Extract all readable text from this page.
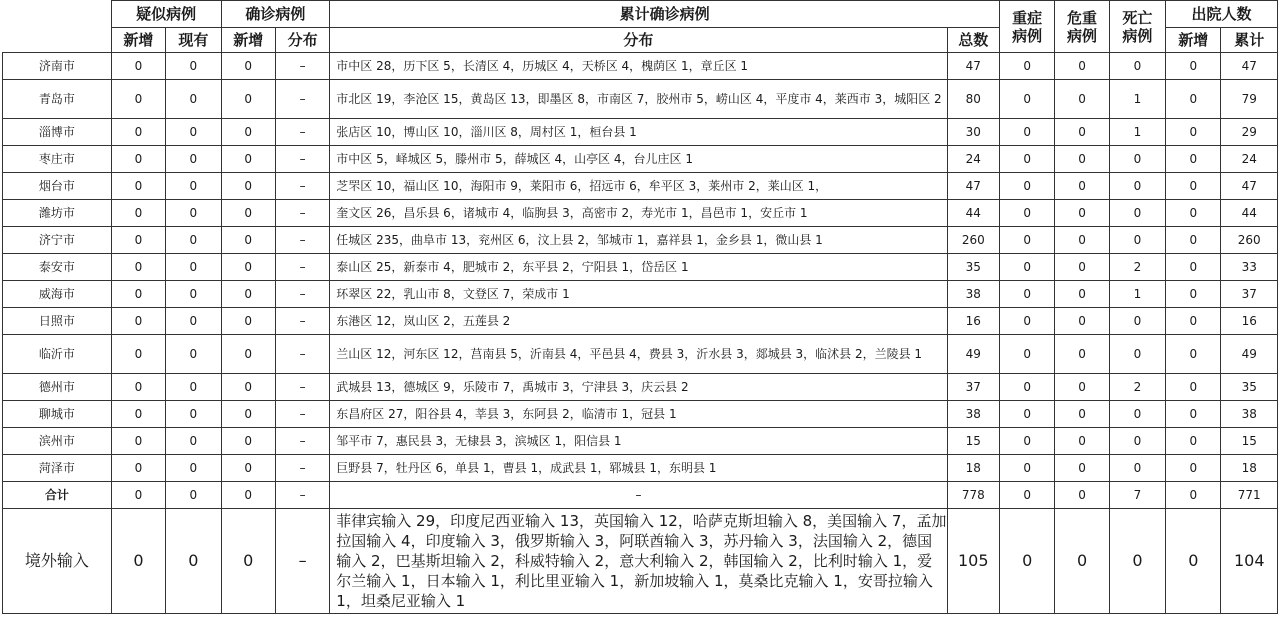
	疑似病例		确诊病例		累计确诊病例		重症病例	危重病例	死亡病例	出院人数	
	新增	现有	新增	分布	分布	总数				新增	累计
济南市	0	0	0	–	市中区 28，历下区 5，长清区 4，历城区 4，天桥区 4，槐荫区 1，章丘区 1	47	0	0	0	0	47
青岛市	0	0	0	–	市北区 19，李沧区 15，黄岛区 13，即墨区 8，市南区 7，胶州市 5，崂山区 4，平度市 4，莱西市 3，城阳区 2	80	0	0	1	0	79
淄博市	0	0	0	–	张店区 10，博山区 10，淄川区 8，周村区 1，桓台县 1	30	0	0	1	0	29
枣庄市	0	0	0	–	市中区 5，峄城区 5，滕州市 5，薛城区 4，山亭区 4，台儿庄区 1	24	0	0	0	0	24
烟台市	0	0	0	–	芝罘区 10，福山区 10，海阳市 9，莱阳市 6，招远市 6，牟平区 3，莱州市 2，莱山区 1，	47	0	0	0	0	47
潍坊市	0	0	0	–	奎文区 26，昌乐县 6，诸城市 4，临朐县 3，高密市 2，寿光市 1，昌邑市 1，安丘市 1	44	0	0	0	0	44
济宁市	0	0	0	–	任城区 235，曲阜市 13，兖州区 6，汶上县 2，邹城市 1，嘉祥县 1，金乡县 1，微山县 1	260	0	0	0	0	260
泰安市	0	0	0	–	泰山区 25，新泰市 4，肥城市 2，东平县 2，宁阳县 1，岱岳区 1	35	0	0	2	0	33
威海市	0	0	0	–	环翠区 22，乳山市 8，文登区 7，荣成市 1	38	0	0	1	0	37
日照市	0	0	0	–	东港区 12，岚山区 2，五莲县 2	16	0	0	0	0	16
临沂市	0	0	0	–	兰山区 12，河东区 12，莒南县 5，沂南县 4，平邑县 4，费县 3，沂水县 3，郯城县 3，临沭县 2，兰陵县 1	49	0	0	0	0	49
德州市	0	0	0	–	武城县 13，德城区 9，乐陵市 7，禹城市 3，宁津县 3，庆云县 2	37	0	0	2	0	35
聊城市	0	0	0	–	东昌府区 27，阳谷县 4，莘县 3，东阿县 2，临清市 1，冠县 1	38	0	0	0	0	38
滨州市	0	0	0	–	邹平市 7，惠民县 3，无棣县 3，滨城区 1，阳信县 1	15	0	0	0	0	15
菏泽市	0	0	0	–	巨野县 7，牡丹区 6，单县 1，曹县 1，成武县 1，郓城县 1，东明县 1	18	0	0	0	0	18
合计	0	0	0	–	–	778	0	0	7	0	771
境外输入	0	0	0	–	菲律宾输入 29，印度尼西亚输入 13，英国输入 12，哈萨克斯坦输入 8，美国输入 7，孟加拉国输入 4，印度输入 3，俄罗斯输入 3，阿联酋输入 3，苏丹输入 3，法国输入 2，德国输入 2，巴基斯坦输入 2，科威特输入 2，意大利输入 2，韩国输入 2，比利时输入 1，爱尔兰输入 1，日本输入 1，利比里亚输入 1，新加坡输入 1，莫桑比克输入 1，安哥拉输入 1，坦桑尼亚输入 1	105	0	0	0	0	104
